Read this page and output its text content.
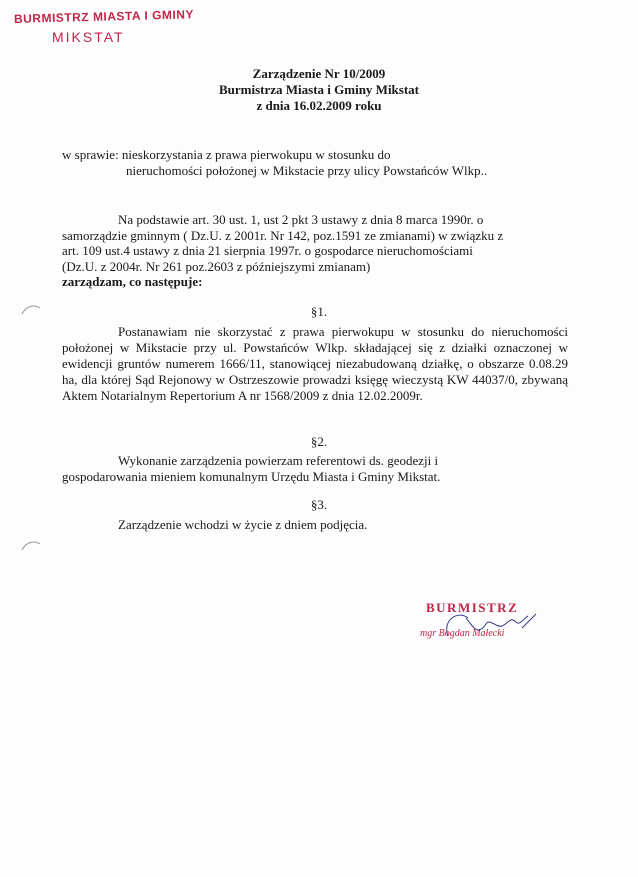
BURMISTRZ MIASTA I GMINY
MIKSTAT
Zarządzenie Nr 10/2009
Burmistrza Miasta i Gminy Mikstat
z dnia 16.02.2009 roku
w sprawie: nieskorzystania z prawa pierwokupu w stosunku do
nieruchomości położonej w Mikstacie przy ulicy Powstańców Wlkp..
Na podstawie art. 30 ust. 1, ust 2 pkt 3 ustawy z dnia 8 marca 1990r. o
samorządzie gminnym ( Dz.U. z 2001r. Nr 142, poz.1591 ze zmianami) w związku z
art. 109 ust.4 ustawy z dnia 21 sierpnia 1997r. o gospodarce nieruchomościami
(Dz.U. z 2004r. Nr 261 poz.2603 z późniejszymi zmianam)
zarządzam, co następuje:
§1.
Postanawiam nie skorzystać z prawa pierwokupu w stosunku do nieruchomości położonej w Mikstacie przy ul. Powstańców Wlkp. składającej się z działki oznaczonej w ewidencji gruntów numerem 1666/11, stanowiącej niezabudowaną działkę, o obszarze 0.08.29 ha, dla której Sąd Rejonowy w Ostrzeszowie prowadzi księgę wieczystą KW 44037/0, zbywaną Aktem Notarialnym Repertorium A nr 1568/2009 z dnia 12.02.2009r.
§2.
Wykonanie zarządzenia powierzam referentowi ds. geodezji i gospodarowania mieniem komunalnym Urzędu Miasta i Gminy Mikstat.
§3.
Zarządzenie wchodzi w życie z dniem podjęcia.
BURMISTRZ
mgr Bogdan Małecki
